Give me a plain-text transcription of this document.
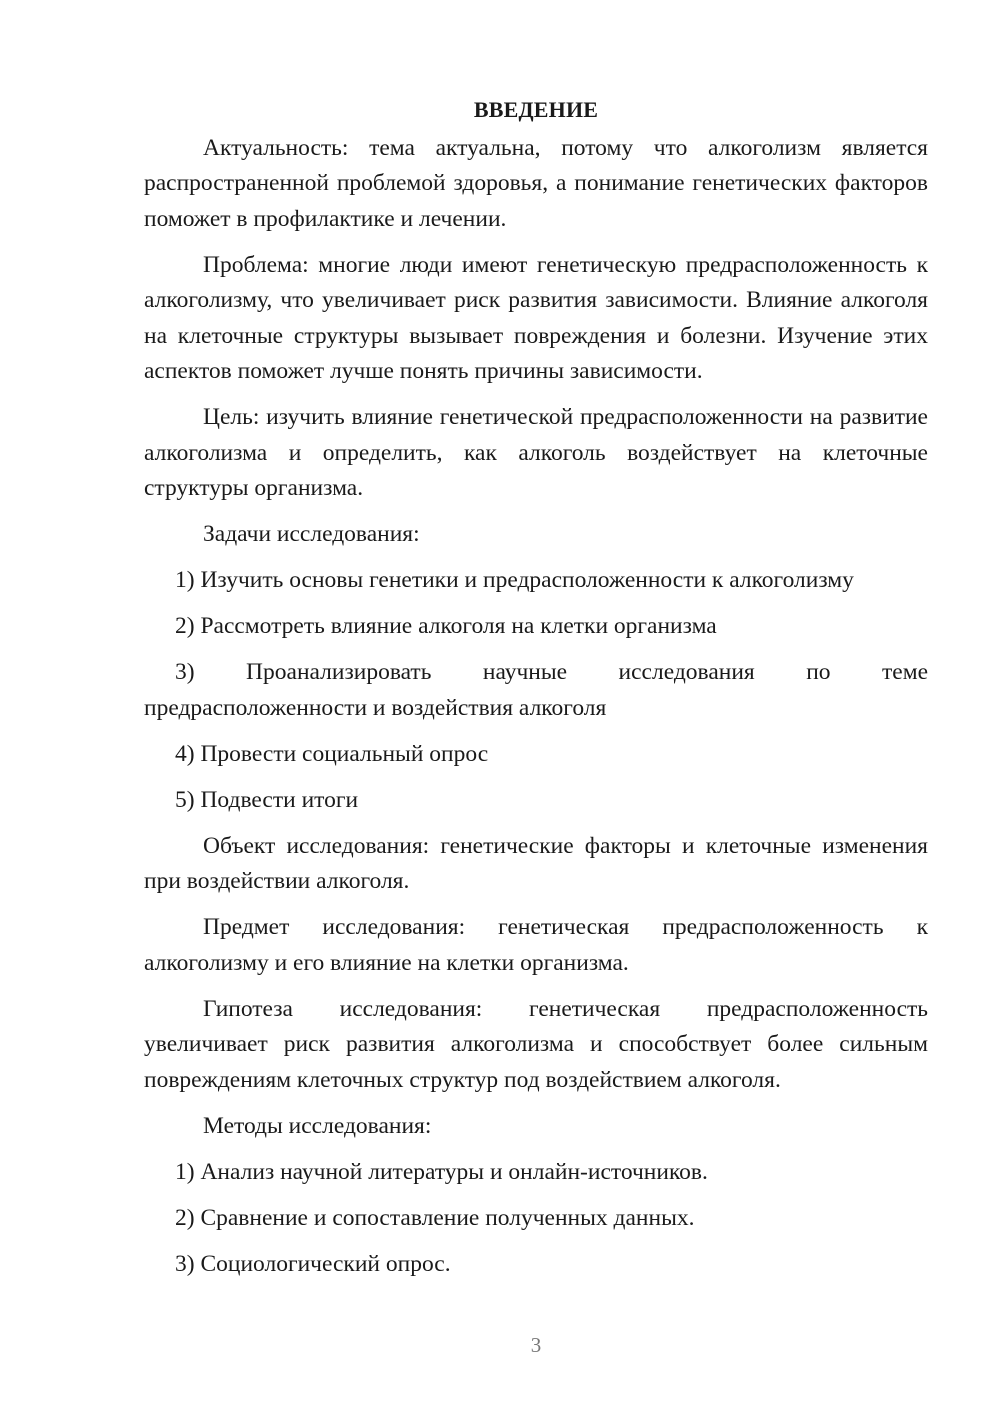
ВВЕДЕНИЕ

Актуальность: тема актуальна, потому что алкоголизм является распространенной проблемой здоровья, а понимание генетических факторов поможет в профилактике и лечении.

Проблема: многие люди имеют генетическую предрасположенность к алкоголизму, что увеличивает риск развития зависимости. Влияние алкоголя на клеточные структуры вызывает повреждения и болезни. Изучение этих аспектов поможет лучше понять причины зависимости.

Цель: изучить влияние генетической предрасположенности на развитие алкоголизма и определить, как алкоголь воздействует на клеточные структуры организма.

Задачи исследования:

1) Изучить основы генетики и предрасположенности к алкоголизму

2) Рассмотреть влияние алкоголя на клетки организма

3) Проанализировать научные исследования по теме предрасположенности и воздействия алкоголя

4) Провести социальный опрос

5) Подвести итоги

Объект исследования: генетические факторы и клеточные изменения при воздействии алкоголя.

Предмет исследования: генетическая предрасположенность к алкоголизму и его влияние на клетки организма.

Гипотеза исследования: генетическая предрасположенность увеличивает риск развития алкоголизма и способствует более сильным повреждениям клеточных структур под воздействием алкоголя.

Методы исследования:

1) Анализ научной литературы и онлайн-источников.

2) Сравнение и сопоставление полученных данных.

3) Социологический опрос.

3
